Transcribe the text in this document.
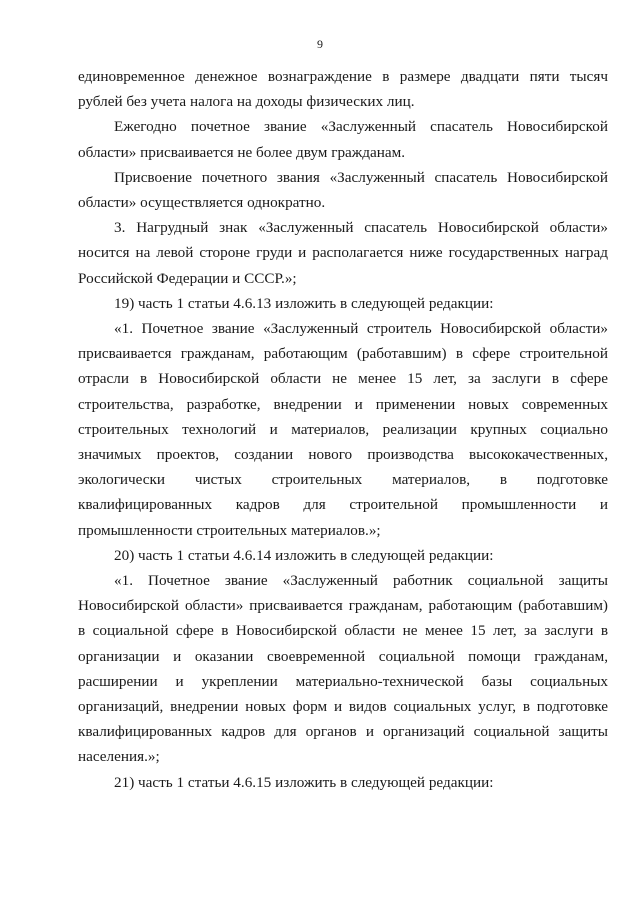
9

единовременное денежное вознаграждение в размере двадцати пяти тысяч рублей без учета налога на доходы физических лиц.

Ежегодно почетное звание «Заслуженный спасатель Новосибирской области» присваивается не более двум гражданам.

Присвоение почетного звания «Заслуженный спасатель Новосибирской области» осуществляется однократно.

3. Нагрудный знак «Заслуженный спасатель Новосибирской области» носится на левой стороне груди и располагается ниже государственных наград Российской Федерации и СССР.»;

19) часть 1 статьи 4.6.13 изложить в следующей редакции:

«1. Почетное звание «Заслуженный строитель Новосибирской области» присваивается гражданам, работающим (работавшим) в сфере строительной отрасли в Новосибирской области не менее 15 лет, за заслуги в сфере строительства, разработке, внедрении и применении новых современных строительных технологий и материалов, реализации крупных социально значимых проектов, создании нового производства высококачественных, экологически чистых строительных материалов, в подготовке квалифицированных кадров для строительной промышленности и промышленности строительных материалов.»;

20) часть 1 статьи 4.6.14 изложить в следующей редакции:

«1. Почетное звание «Заслуженный работник социальной защиты Новосибирской области» присваивается гражданам, работающим (работавшим) в социальной сфере в Новосибирской области не менее 15 лет, за заслуги в организации и оказании своевременной социальной помощи гражданам, расширении и укреплении материально-технической базы социальных организаций, внедрении новых форм и видов социальных услуг, в подготовке квалифицированных кадров для органов и организаций социальной защиты населения.»;

21) часть 1 статьи 4.6.15 изложить в следующей редакции:
